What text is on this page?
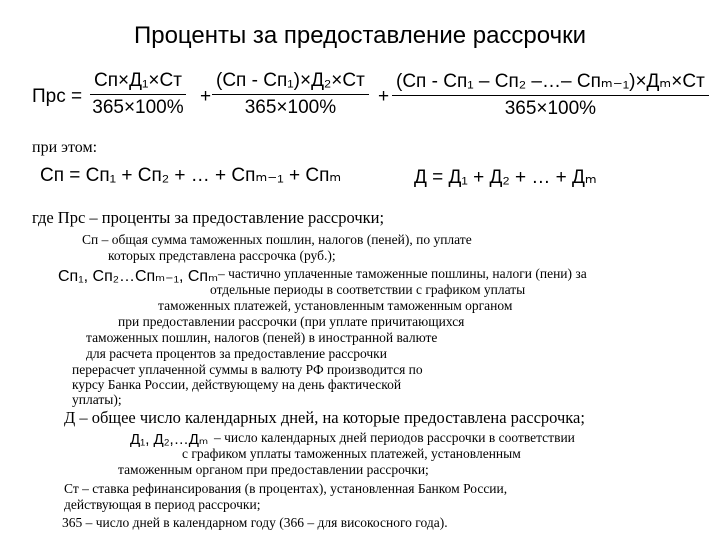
Проценты за предоставление рассрочки
Прс =
Сп×Д₁×Ст
365×100%
+
(Сп - Сп₁)×Д₂×Ст
365×100%
+
(Сп - Сп₁ – Сп₂ –…– Спₘ₋₁)×Дₘ×Ст
365×100%
при этом:
Сп = Сп₁ + Сп₂ + … + Спₘ₋₁ + Спₘ	Д = Д₁ + Д₂ + … + Дₘ
где Прс – проценты за предоставление рассрочки;
Сп – общая сумма таможенных пошлин, налогов (пеней), по уплате
которых представлена рассрочка (руб.);
Сп₁, Сп₂…Спₘ₋₁, Спₘ – частично уплаченные таможенные пошлины, налоги (пени) за
отдельные периоды в соответствии с графиком уплаты
таможенных платежей, установленным таможенным органом
при предоставлении рассрочки (при уплате причитающихся
таможенных пошлин, налогов (пеней) в иностранной валюте
для расчета процентов за предоставление рассрочки
перерасчет уплаченной суммы в валюту РФ производится по
курсу Банка России, действующему на день фактической
уплаты);
Д – общее число календарных дней, на которые предоставлена рассрочка;
Д₁, Д₂,…Дₘ – число календарных дней периодов рассрочки в соответствии
с графиком уплаты таможенных платежей, установленным
таможенным органом при предоставлении рассрочки;
Ст – ставка рефинансирования (в процентах), установленная Банком России,
действующая в период рассрочки;
365 – число дней в календарном году (366 – для високосного года).
